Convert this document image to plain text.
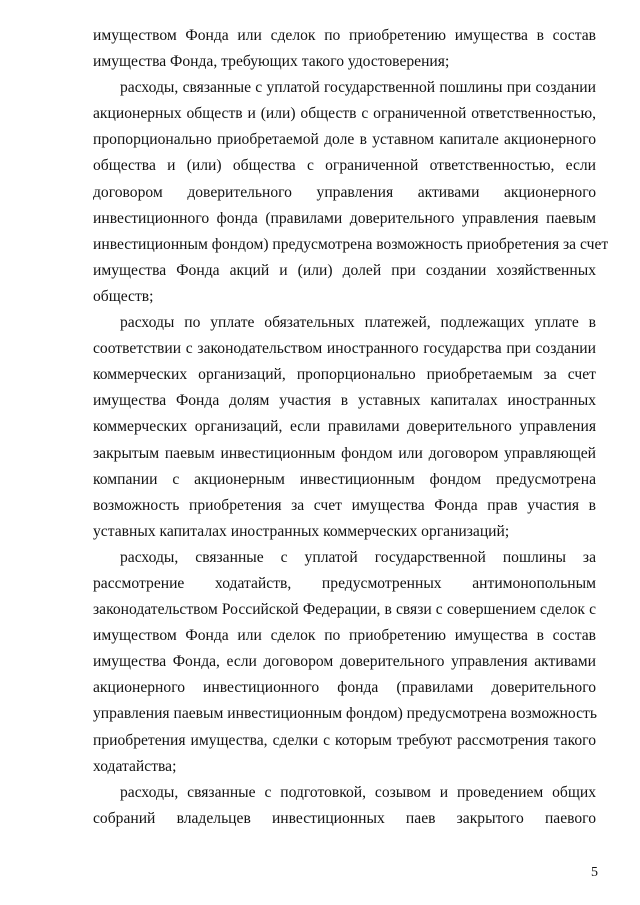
имуществом Фонда или сделок по приобретению имущества в состав
имущества Фонда, требующих такого удостоверения;
расходы, связанные с уплатой государственной пошлины при создании
акционерных обществ и (или) обществ с ограниченной ответственностью,
пропорционально приобретаемой доле в уставном капитале акционерного
общества и (или) общества с ограниченной ответственностью, если
договором доверительного управления активами акционерного
инвестиционного фонда (правилами доверительного управления паевым
инвестиционным фондом) предусмотрена возможность приобретения за счет
имущества Фонда акций и (или) долей при создании хозяйственных
обществ;
расходы по уплате обязательных платежей, подлежащих уплате в
соответствии с законодательством иностранного государства при создании
коммерческих организаций, пропорционально приобретаемым за счет
имущества Фонда долям участия в уставных капиталах иностранных
коммерческих организаций, если правилами доверительного управления
закрытым паевым инвестиционным фондом или договором управляющей
компании с акционерным инвестиционным фондом предусмотрена
возможность приобретения за счет имущества Фонда прав участия в
уставных капиталах иностранных коммерческих организаций;
расходы, связанные с уплатой государственной пошлины за
рассмотрение ходатайств, предусмотренных антимонопольным
законодательством Российской Федерации, в связи с совершением сделок с
имуществом Фонда или сделок по приобретению имущества в состав
имущества Фонда, если договором доверительного управления активами
акционерного инвестиционного фонда (правилами доверительного
управления паевым инвестиционным фондом) предусмотрена возможность
приобретения имущества, сделки с которым требуют рассмотрения такого
ходатайства;
расходы, связанные с подготовкой, созывом и проведением общих
собраний владельцев инвестиционных паев закрытого паевого
5
